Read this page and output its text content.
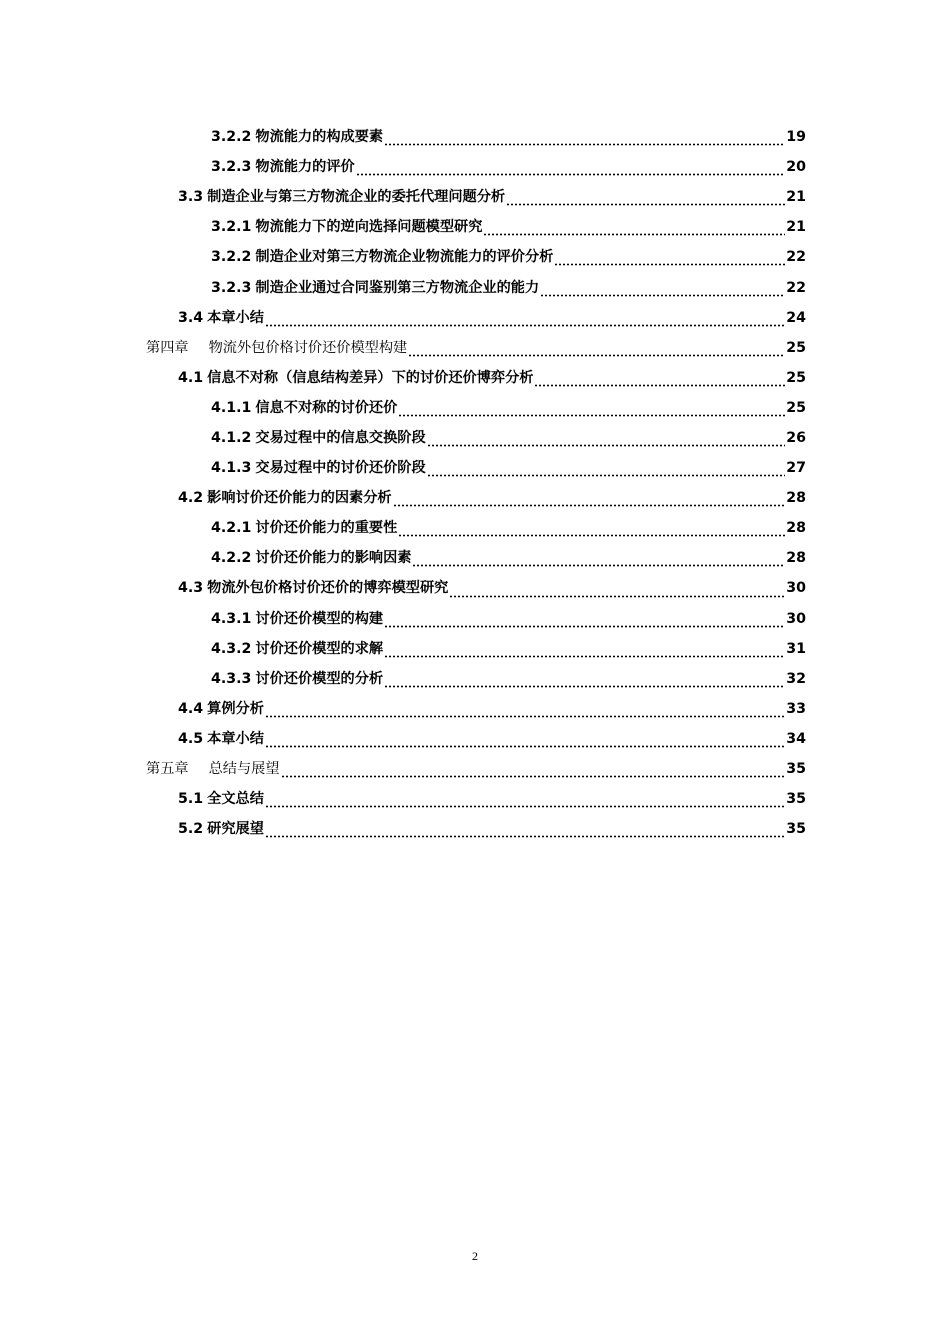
3.2.2 物流能力的构成要素	19
3.2.3 物流能力的评价	20
3.3 制造企业与第三方物流企业的委托代理问题分析	21
3.2.1 物流能力下的逆向选择问题模型研究	21
3.2.2 制造企业对第三方物流企业物流能力的评价分析	22
3.2.3 制造企业通过合同鉴别第三方物流企业的能力	22
3.4 本章小结	24
第四章 物流外包价格讨价还价模型构建	25
4.1 信息不对称（信息结构差异）下的讨价还价博弈分析	25
4.1.1 信息不对称的讨价还价	25
4.1.2 交易过程中的信息交换阶段	26
4.1.3 交易过程中的讨价还价阶段	27
4.2 影响讨价还价能力的因素分析	28
4.2.1 讨价还价能力的重要性	28
4.2.2 讨价还价能力的影响因素	28
4.3 物流外包价格讨价还价的博弈模型研究	30
4.3.1 讨价还价模型的构建	30
4.3.2 讨价还价模型的求解	31
4.3.3 讨价还价模型的分析	32
4.4 算例分析	33
4.5 本章小结	34
第五章 总结与展望	35
5.1 全文总结	35
5.2 研究展望	35
2
